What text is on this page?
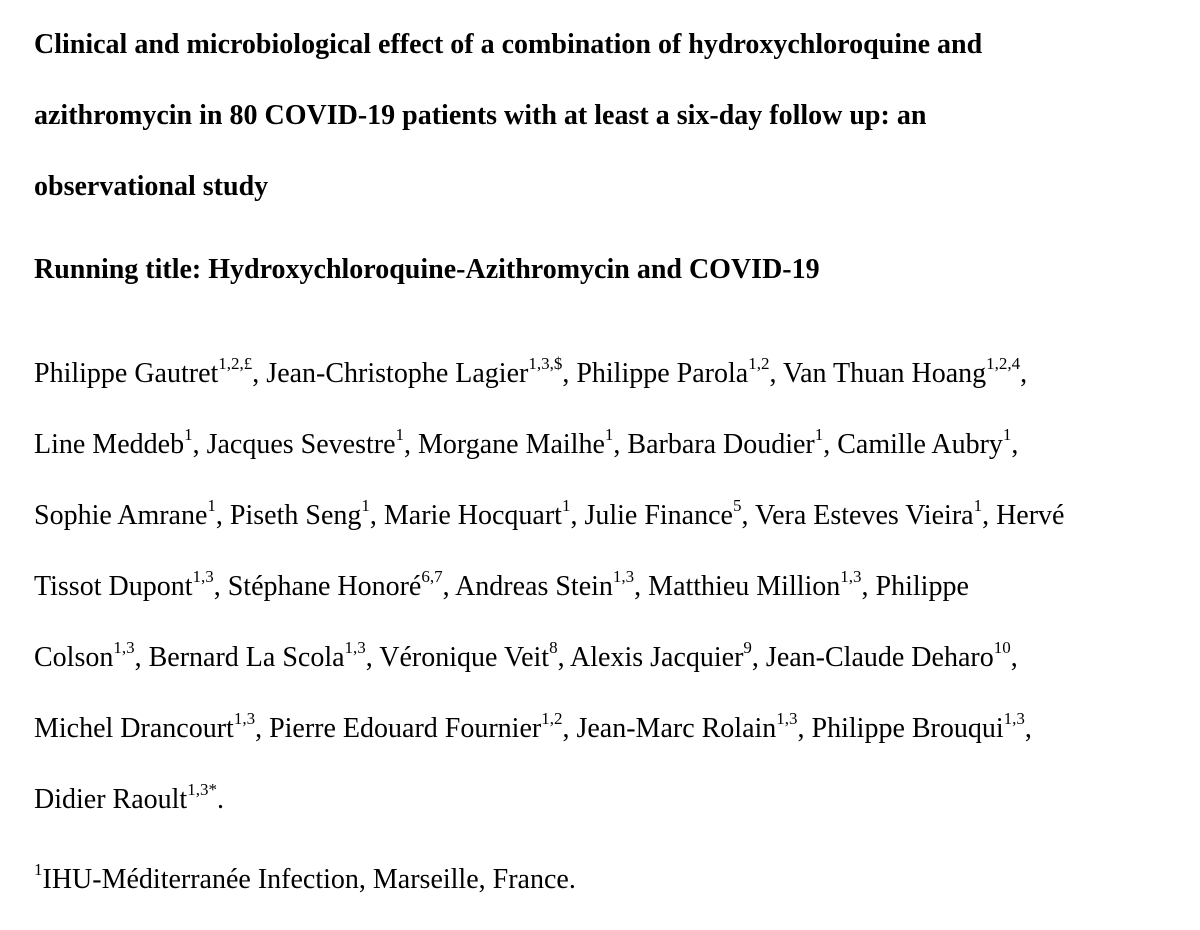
Clinical and microbiological effect of a combination of hydroxychloroquine and
azithromycin in 80 COVID-19 patients with at least a six-day follow up: an
observational study

Running title: Hydroxychloroquine-Azithromycin and COVID-19

Philippe Gautret$^{1,2,£}$, Jean-Christophe Lagier$^{1,3,\$}$, Philippe Parola$^{1,2}$, Van Thuan Hoang$^{1,2,4}$,
Line Meddeb$^1$, Jacques Sevestre$^1$, Morgane Mailhe$^1$, Barbara Doudier$^1$, Camille Aubry$^1$,
Sophie Amrane$^1$, Piseth Seng$^1$, Marie Hocquart$^1$, Julie Finance$^5$, Vera Esteves Vieira$^1$, Hervé
Tissot Dupont$^{1,3}$, Stéphane Honoré$^{6,7}$, Andreas Stein$^{1,3}$, Matthieu Million$^{1,3}$, Philippe
Colson$^{1,3}$, Bernard La Scola$^{1,3}$, Véronique Veit$^8$, Alexis Jacquier$^9$, Jean-Claude Deharo$^{10}$,
Michel Drancourt$^{1,3}$, Pierre Edouard Fournier$^{1,2}$, Jean-Marc Rolain$^{1,3}$, Philippe Brouqui$^{1,3}$,
Didier Raoult$^{1,3*}$.

$^1$IHU-Méditerranée Infection, Marseille, France.
